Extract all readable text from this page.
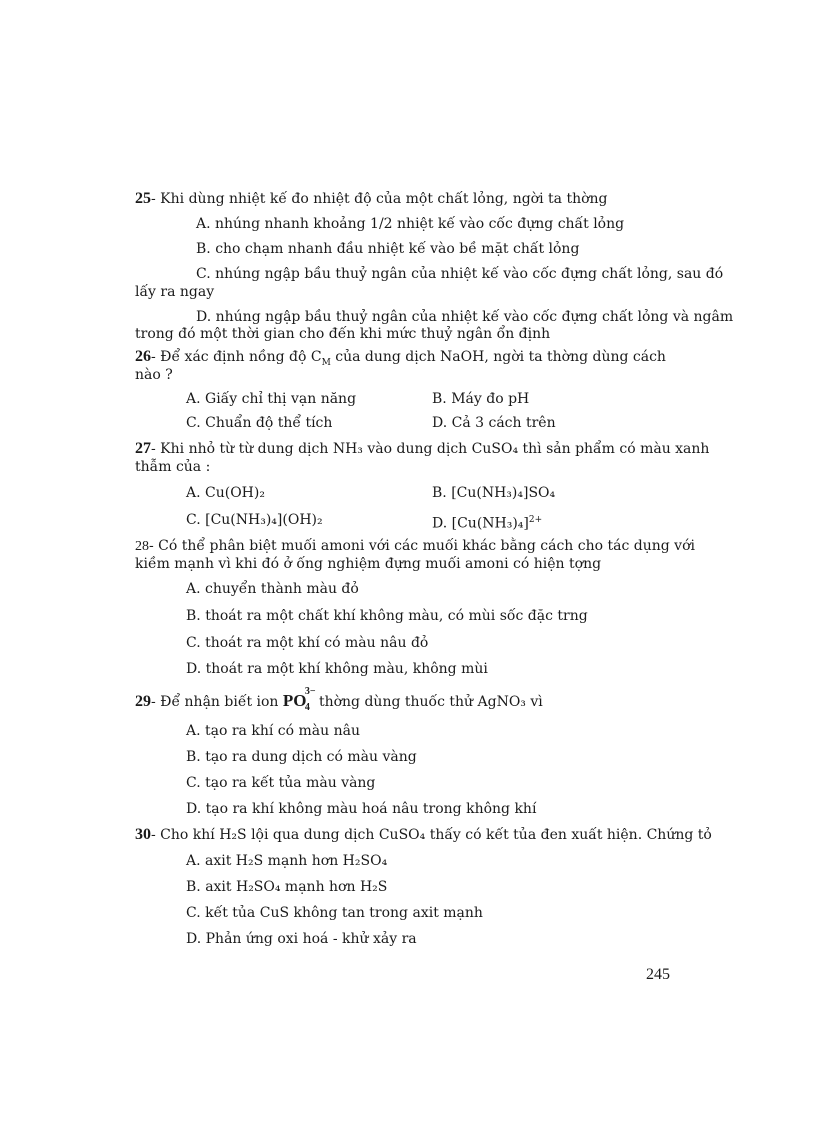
25- Khi dùng nhiệt kế đo nhiệt độ của một chất lỏng, ngời ta thờng
A. nhúng nhanh khoảng 1/2 nhiệt kế vào cốc đựng chất lỏng
B. cho chạm nhanh đầu nhiệt kế vào bề mặt chất lỏng
C. nhúng ngập bầu thuỷ ngân của nhiệt kế vào cốc đựng chất lỏng, sau đó
lấy ra ngay
D. nhúng ngập bầu thuỷ ngân của nhiệt kế vào cốc đựng chất lỏng và ngâm
trong đó một thời gian cho đến khi mức thuỷ ngân ổn định
26- Để xác định nồng độ $C_M$ của dung dịch NaOH, ngời ta thờng dùng cách
nào ?
A. Giấy chỉ thị vạn năng	B. Máy đo pH
C. Chuẩn độ thể tích	D. Cả 3 cách trên
27- Khi nhỏ từ từ dung dịch NH₃ vào dung dịch CuSO₄ thì sản phẩm có màu xanh
thẫm của :
A. Cu(OH)₂	B. [Cu(NH₃)₄]SO₄
C. [Cu(NH₃)₄](OH)₂	D. $[Cu(NH_3)_4]^{2+}$
28- Có thể phân biệt muối amoni với các muối khác bằng cách cho tác dụng với
kiềm mạnh vì khi đó ở ống nghiệm đựng muối amoni có hiện tợng
A. chuyển thành màu đỏ
B. thoát ra một chất khí không màu, có mùi sốc đặc trng
C. thoát ra một khí có màu nâu đỏ
D. thoát ra một khí không màu, không mùi
29- Để nhận biết ion PO
3−
4 thờng dùng thuốc thử AgNO₃ vì
A. tạo ra khí có màu nâu
B. tạo ra dung dịch có màu vàng
C. tạo ra kết tủa màu vàng
D. tạo ra khí không màu hoá nâu trong không khí
30- Cho khí H₂S lội qua dung dịch CuSO₄ thấy có kết tủa đen xuất hiện. Chứng tỏ
A. axit H₂S mạnh hơn H₂SO₄
B. axit H₂SO₄ mạnh hơn H₂S
C. kết tủa CuS không tan trong axit mạnh
D. Phản ứng oxi hoá - khử xảy ra
245
